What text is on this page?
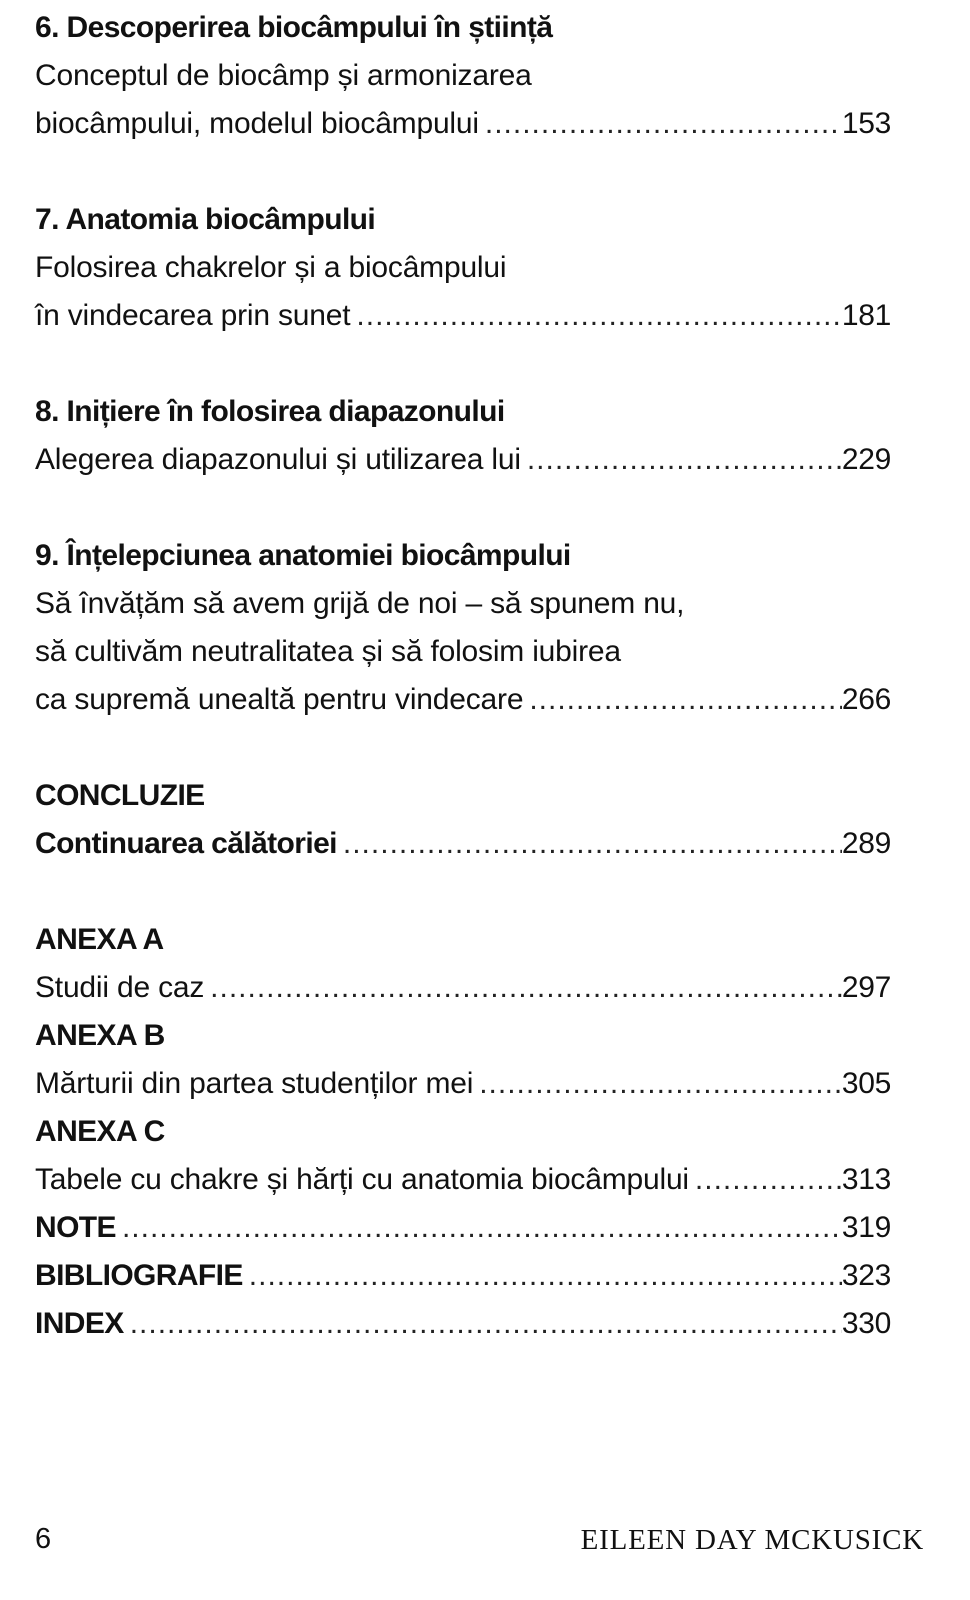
6. Descoperirea biocâmpului în știință
Conceptul de biocâmp și armonizarea
biocâmpului, modelul biocâmpului .....	153
7. Anatomia biocâmpului
Folosirea chakrelor și a biocâmpului
în vindecarea prin sunet .....	181
8. Inițiere în folosirea diapazonului
Alegerea diapazonului și utilizarea lui .....	229
9. Înțelepciunea anatomiei biocâmpului
Să învățăm să avem grijă de noi – să spunem nu,
să cultivăm neutralitatea și să folosim iubirea
ca supremă unealtă pentru vindecare .....	266
CONCLUZIE
Continuarea călătoriei .....	289
ANEXA A
Studii de caz .....	297
ANEXA B
Mărturii din partea studenților mei .....	305
ANEXA C
Tabele cu chakre și hărți cu anatomia biocâmpului .....	313
NOTE .....	319
BIBLIOGRAFIE .....	323
INDEX .....	330
6	EILEEN DAY MCKUSICK
